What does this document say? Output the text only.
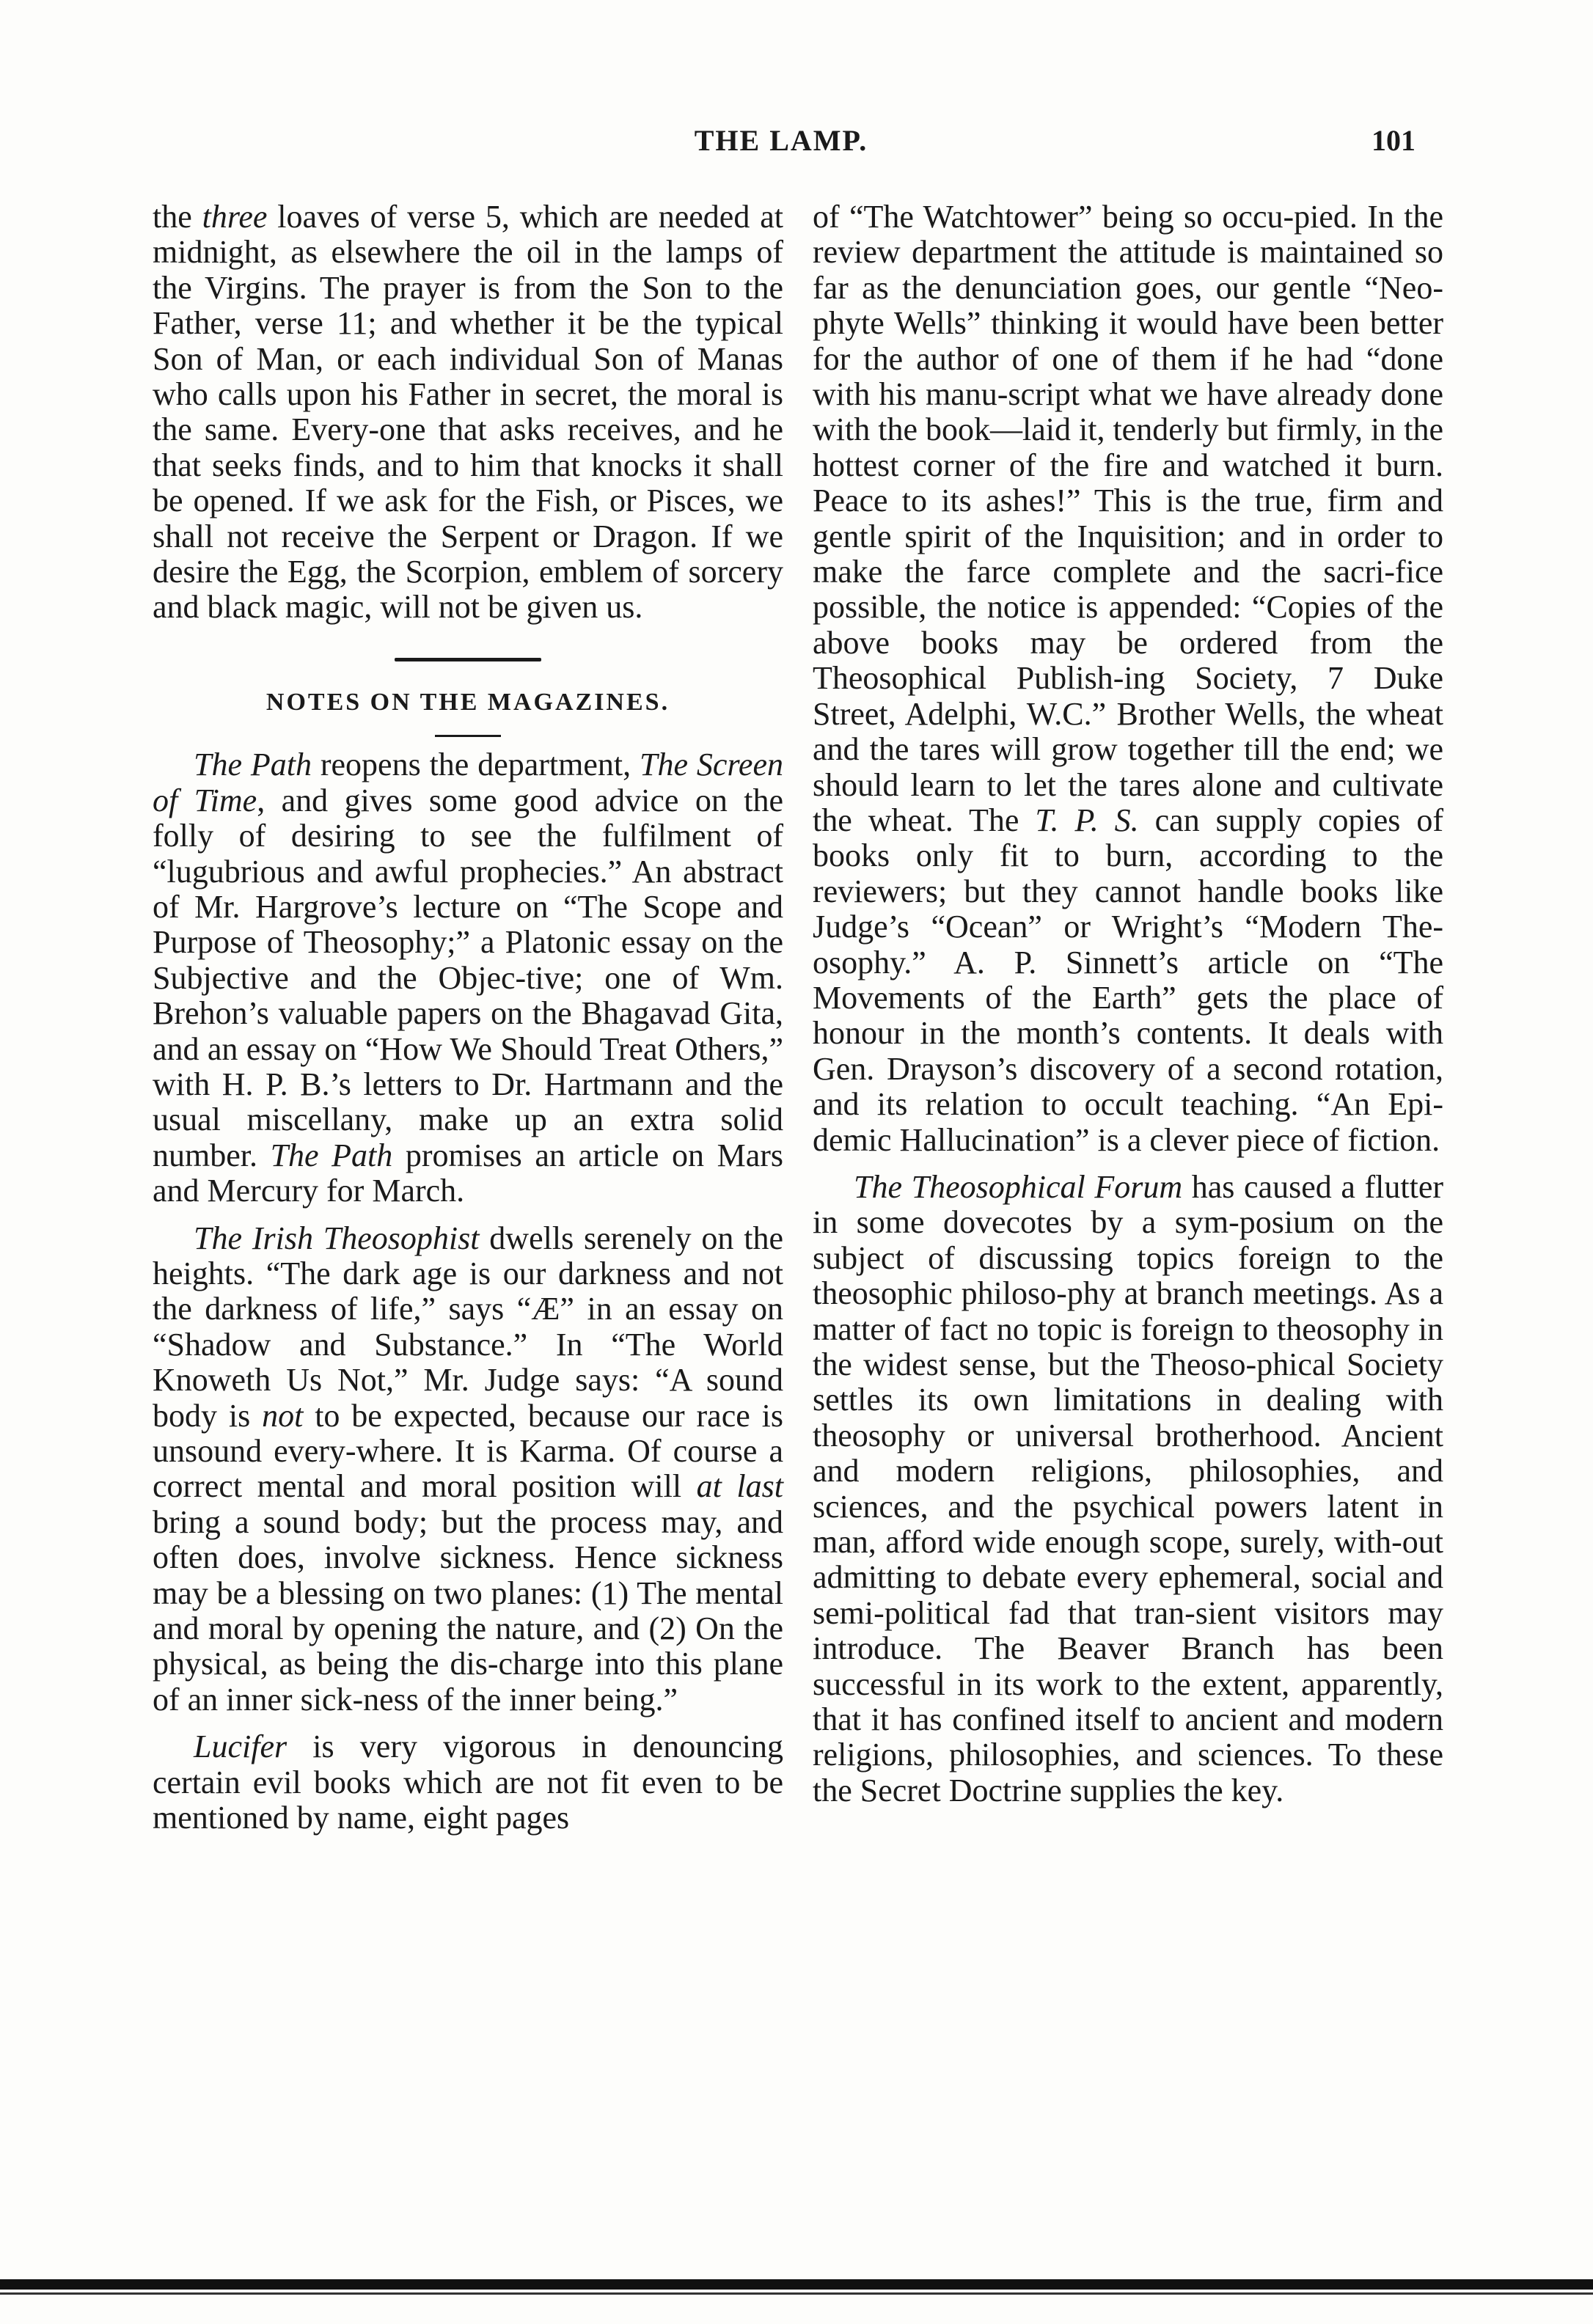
THE LAMP.	101

the three loaves of verse 5, which are needed at midnight, as elsewhere the oil in the lamps of the Virgins. The prayer is from the Son to the Father, verse 11; and whether it be the typical Son of Man, or each individual Son of Manas who calls upon his Father in secret, the moral is the same. Every-one that asks receives, and he that seeks finds, and to him that knocks it shall be opened. If we ask for the Fish, or Pisces, we shall not receive the Serpent or Dragon. If we desire the Egg, the Scorpion, emblem of sorcery and black magic, will not be given us.

NOTES ON THE MAGAZINES.

The Path reopens the department, The Screen of Time, and gives some good advice on the folly of desiring to see the fulfilment of “lugubrious and awful prophecies.” An abstract of Mr. Hargrove’s lecture on “The Scope and Purpose of Theosophy;” a Platonic essay on the Subjective and the Objec-tive; one of Wm. Brehon’s valuable papers on the Bhagavad Gita, and an essay on “How We Should Treat Others,” with H. P. B.’s letters to Dr. Hartmann and the usual miscellany, make up an extra solid number. The Path promises an article on Mars and Mercury for March.

The Irish Theosophist dwells serenely on the heights. “The dark age is our darkness and not the darkness of life,” says “Æ” in an essay on “Shadow and Substance.” In “The World Knoweth Us Not,” Mr. Judge says: “A sound body is not to be expected, because our race is unsound every-where. It is Karma. Of course a correct mental and moral position will at last bring a sound body; but the process may, and often does, involve sickness. Hence sickness may be a blessing on two planes: (1) The mental and moral by opening the nature, and (2) On the physical, as being the dis-charge into this plane of an inner sick-ness of the inner being.”

Lucifer is very vigorous in denouncing certain evil books which are not fit even to be mentioned by name, eight pages

of “The Watchtower” being so occu-pied. In the review department the attitude is maintained so far as the denunciation goes, our gentle “Neo-phyte Wells” thinking it would have been better for the author of one of them if he had “done with his manu-script what we have already done with the book—laid it, tenderly but firmly, in the hottest corner of the fire and watched it burn. Peace to its ashes!” This is the true, firm and gentle spirit of the Inquisition; and in order to make the farce complete and the sacri-fice possible, the notice is appended: “Copies of the above books may be ordered from the Theosophical Publish-ing Society, 7 Duke Street, Adelphi, W.C.” Brother Wells, the wheat and the tares will grow together till the end; we should learn to let the tares alone and cultivate the wheat. The T. P. S. can supply copies of books only fit to burn, according to the reviewers; but they cannot handle books like Judge’s “Ocean” or Wright’s “Modern The-osophy.” A. P. Sinnett’s article on “The Movements of the Earth” gets the place of honour in the month’s contents. It deals with Gen. Drayson’s discovery of a second rotation, and its relation to occult teaching. “An Epi-demic Hallucination” is a clever piece of fiction.

The Theosophical Forum has caused a flutter in some dovecotes by a sym-posium on the subject of discussing topics foreign to the theosophic philoso-phy at branch meetings. As a matter of fact no topic is foreign to theosophy in the widest sense, but the Theoso-phical Society settles its own limitations in dealing with theosophy or universal brotherhood. Ancient and modern religions, philosophies, and sciences, and the psychical powers latent in man, afford wide enough scope, surely, with-out admitting to debate every ephemeral, social and semi-political fad that tran-sient visitors may introduce. The Beaver Branch has been successful in its work to the extent, apparently, that it has confined itself to ancient and modern religions, philosophies, and sciences. To these the Secret Doctrine supplies the key.
